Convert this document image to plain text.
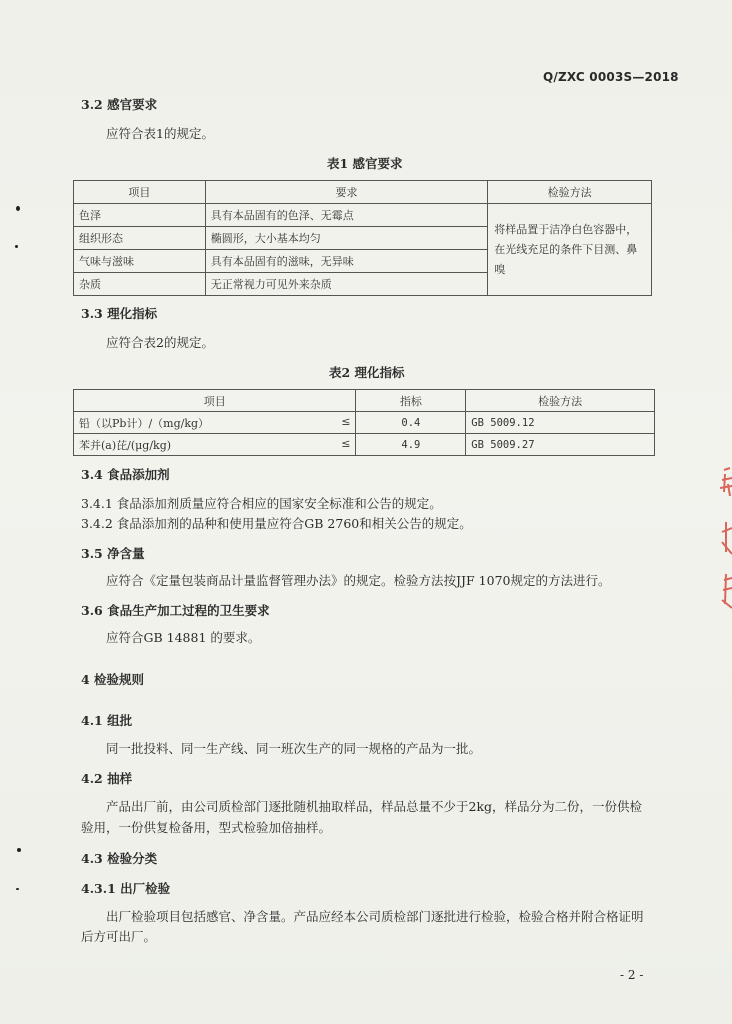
Q/ZXC 0003S—2018
3.2 感官要求
应符合表1的规定。
表1 感官要求
项目	要求	检验方法
色泽	具有本品固有的色泽、无霉点	将样品置于洁净白色容器中，在光线充足的条件下目测、鼻嗅
组织形态	椭圆形，大小基本均匀	
气味与滋味	具有本品固有的滋味，无异味	
杂质	无正常视力可见外来杂质	
3.3 理化指标
应符合表2的规定。
表2 理化指标
项目	指标	检验方法
铅（以Pb计）/（mg/kg） ≤	0.4	GB 5009.12
苯并(a)芘/(μg/kg) ≤	4.9	GB 5009.27
3.4 食品添加剂
3.4.1 食品添加剂质量应符合相应的国家安全标准和公告的规定。
3.4.2 食品添加剂的品种和使用量应符合GB 2760和相关公告的规定。
3.5 净含量
应符合《定量包装商品计量监督管理办法》的规定。检验方法按JJF 1070规定的方法进行。
3.6 食品生产加工过程的卫生要求
应符合GB 14881 的要求。
4 检验规则
4.1 组批
同一批投料、同一生产线、同一班次生产的同一规格的产品为一批。
4.2 抽样
产品出厂前，由公司质检部门逐批随机抽取样品，样品总量不少于2kg，样品分为二份，一份供检
验用，一份供复检备用，型式检验加倍抽样。
4.3 检验分类
4.3.1 出厂检验
出厂检验项目包括感官、净含量。产品应经本公司质检部门逐批进行检验，检验合格并附合格证明
后方可出厂。
- 2 -
